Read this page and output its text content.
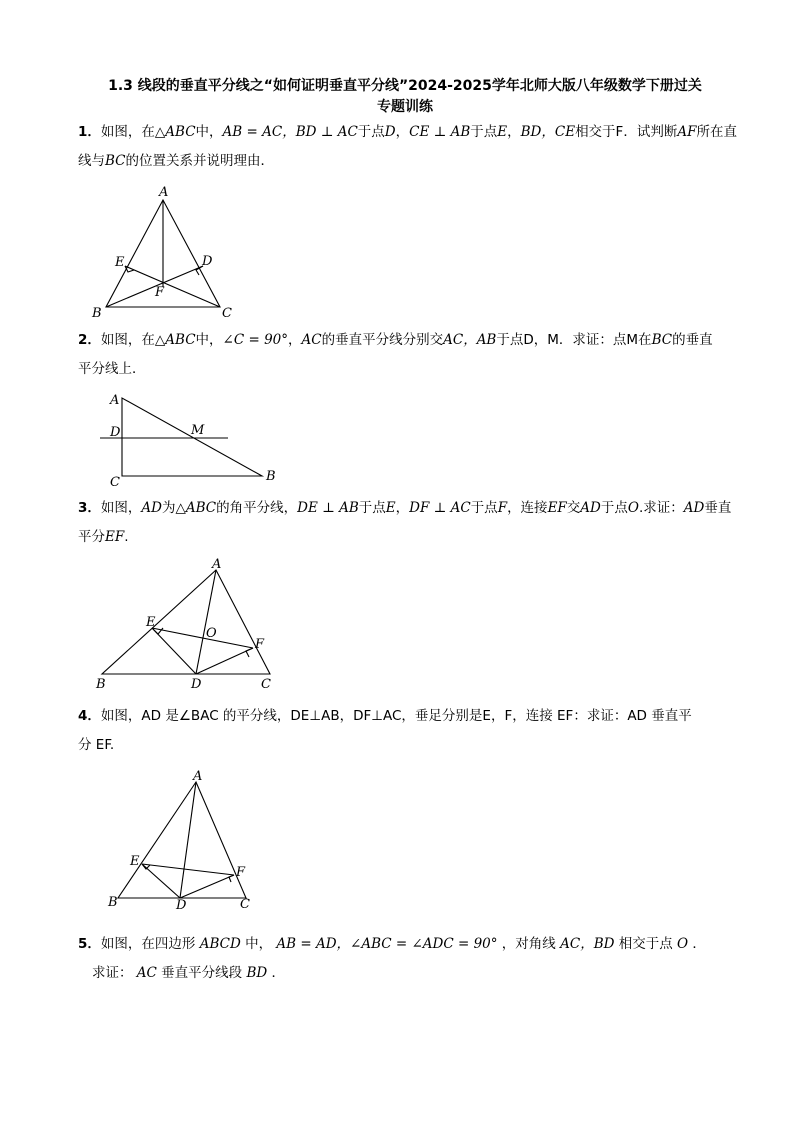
1.3 线段的垂直平分线之“如何证明垂直平分线”2024-2025学年北师大版八年级数学下册过关
专题训练
1．如图，在△ABC中，AB = AC，BD ⊥ AC于点D，CE ⊥ AB于点E，BD，CE相交于F．试判断AF所在直
线与BC的位置关系并说明理由．
A
B	C
D
E
F
2．如图，在△ABC中，∠C = 90°，AC的垂直平分线分别交AC，AB于点D，M．求证：点M在BC的垂直
平分线上．
A
D
C	B
M
3．如图，AD为△ABC的角平分线，DE ⊥ AB于点E，DF ⊥ AC于点F，连接EF交AD于点O.求证：AD垂直
平分EF.
A
B	C
D
E
F
O
4．如图，AD 是∠BAC 的平分线，DE⊥AB，DF⊥AC，垂足分别是E，F，连接 EF：求证：AD 垂直平
分 EF.
A
B	C
D
E
F
5．如图，在四边形 ABCD 中， AB = AD，∠ABC = ∠ADC = 90° ，对角线 AC，BD 相交于点 O ．
求证： AC 垂直平分线段 BD ．
